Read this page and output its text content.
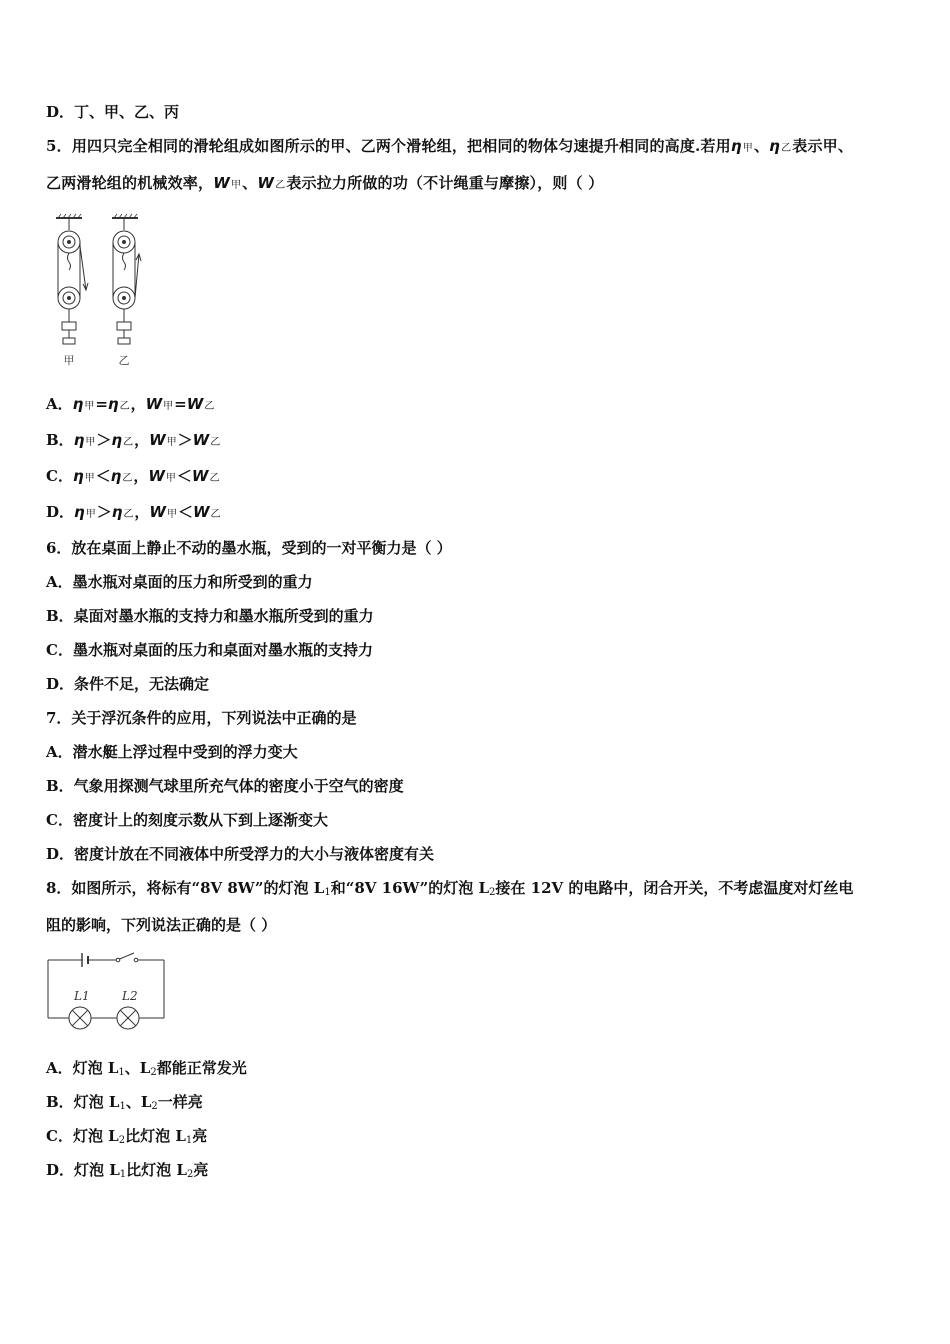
D．丁、甲、乙、丙
5．用四只完全相同的滑轮组成如图所示的甲、乙两个滑轮组，把相同的物体匀速提升相同的高度.若用η甲、η乙表示甲、
乙两滑轮组的机械效率，W甲、W乙表示拉力所做的功（不计绳重与摩擦），则（ ）
甲	乙
A．η甲=η乙，W甲=W乙
B．η甲＞η乙，W甲＞W乙
C．η甲＜η乙，W甲＜W乙
D．η甲＞η乙，W甲＜W乙
6．放在桌面上静止不动的墨水瓶，受到的一对平衡力是（ ）
A．墨水瓶对桌面的压力和所受到的重力
B．桌面对墨水瓶的支持力和墨水瓶所受到的重力
C．墨水瓶对桌面的压力和桌面对墨水瓶的支持力
D．条件不足，无法确定
7．关于浮沉条件的应用，下列说法中正确的是
A．潜水艇上浮过程中受到的浮力变大
B．气象用探测气球里所充气体的密度小于空气的密度
C．密度计上的刻度示数从下到上逐渐变大
D．密度计放在不同液体中所受浮力的大小与液体密度有关
8．如图所示，将标有“8V 8W”的灯泡 L1和“8V 16W”的灯泡 L2接在 12V 的电路中，闭合开关，不考虑温度对灯丝电
阻的影响，下列说法正确的是（ ）
L1	L2
A．灯泡 L1、L2都能正常发光
B．灯泡 L1、L2一样亮
C．灯泡 L2比灯泡 L1亮
D．灯泡 L1比灯泡 L2亮
